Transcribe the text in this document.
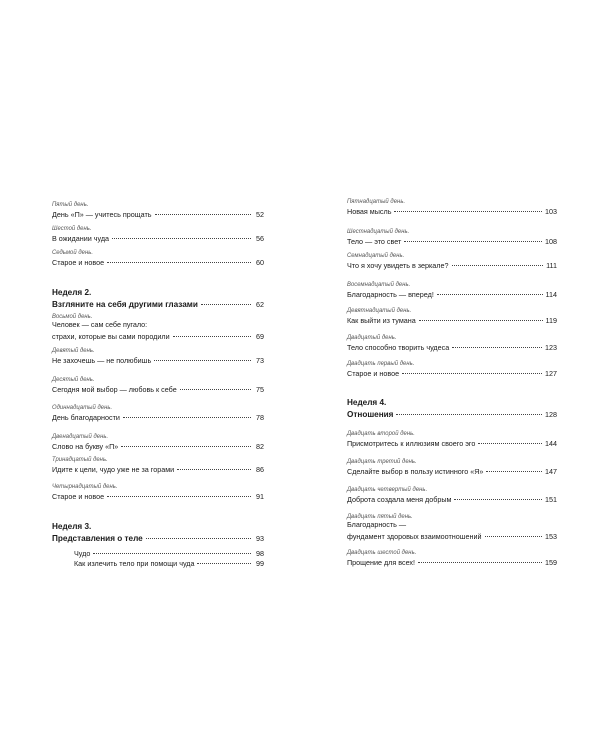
Пятый день.
День «П» — учитесь прощать	52
Шестой день.
В ожидании чуда	56
Седьмой день.
Старое и новое	60
Неделя 2.
Взгляните на себя другими глазами	62
Восьмой день.
Человек — сам себе пугало:
страхи, которые вы сами породили	69
Девятый день.
Не захочешь — не полюбишь	73
Десятый день.
Сегодня мой выбор — любовь к себе	75
Одиннадцатый день.
День благодарности	78
Двенадцатый день.
Слово на букву «П»	82
Тринадцатый день.
Идите к цели, чудо уже не за горами	86
Четырнадцатый день.
Старое и новое	91
Неделя 3.
Представления о теле	93
Чудо	98
Как излечить тело при помощи чуда	99
Пятнадцатый день.
Новая мысль	103
Шестнадцатый день.
Тело — это свет	108
Семнадцатый день.
Что я хочу увидеть в зеркале?	111
Восемнадцатый день.
Благодарность — вперед!	114
Девятнадцатый день.
Как выйти из тумана	119
Двадцатый день.
Тело способно творить чудеса	123
Двадцать первый день.
Старое и новое	127
Неделя 4.
Отношения	128
Двадцать второй день.
Присмотритесь к иллюзиям своего эго	144
Двадцать третий день.
Сделайте выбор в пользу истинного «Я»	147
Двадцать четвертый день.
Доброта создала меня добрым	151
Двадцать пятый день.
Благодарность —
фундамент здоровых взаимоотношений	153
Двадцать шестой день.
Прощение для всех!	159
